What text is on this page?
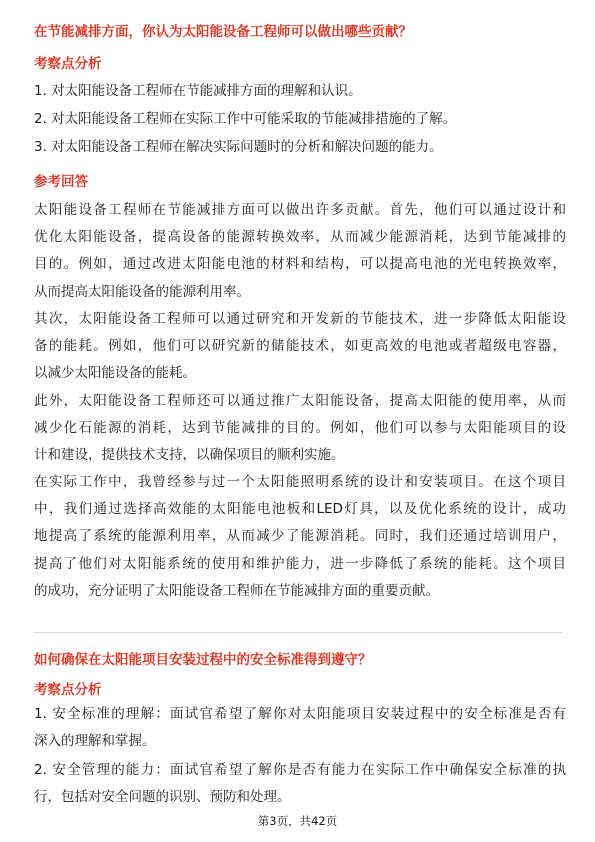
在节能减排方面，你认为太阳能设备工程师可以做出哪些贡献？
考察点分析
1. 对太阳能设备工程师在节能减排方面的理解和认识。
2. 对太阳能设备工程师在实际工作中可能采取的节能减排措施的了解。
3. 对太阳能设备工程师在解决实际问题时的分析和解决问题的能力。
参考回答
太阳能设备工程师在节能减排方面可以做出许多贡献。首先，他们可以通过设计和
优化太阳能设备，提高设备的能源转换效率，从而减少能源消耗，达到节能减排的
目的。例如，通过改进太阳能电池的材料和结构，可以提高电池的光电转换效率，
从而提高太阳能设备的能源利用率。
其次，太阳能设备工程师可以通过研究和开发新的节能技术，进一步降低太阳能设
备的能耗。例如，他们可以研究新的储能技术，如更高效的电池或者超级电容器，
以减少太阳能设备的能耗。
此外，太阳能设备工程师还可以通过推广太阳能设备，提高太阳能的使用率，从而
减少化石能源的消耗，达到节能减排的目的。例如，他们可以参与太阳能项目的设
计和建设，提供技术支持，以确保项目的顺利实施。
在实际工作中，我曾经参与过一个太阳能照明系统的设计和安装项目。在这个项目
中，我们通过选择高效能的太阳能电池板和LED灯具，以及优化系统的设计，成功
地提高了系统的能源利用率，从而减少了能源消耗。同时，我们还通过培训用户，
提高了他们对太阳能系统的使用和维护能力，进一步降低了系统的能耗。这个项目
的成功，充分证明了太阳能设备工程师在节能减排方面的重要贡献。
如何确保在太阳能项目安装过程中的安全标准得到遵守？
考察点分析
1. 安全标准的理解：面试官希望了解你对太阳能项目安装过程中的安全标准是否有
深入的理解和掌握。
2. 安全管理的能力：面试官希望了解你是否有能力在实际工作中确保安全标准的执
行，包括对安全问题的识别、预防和处理。
第3页，共42页
